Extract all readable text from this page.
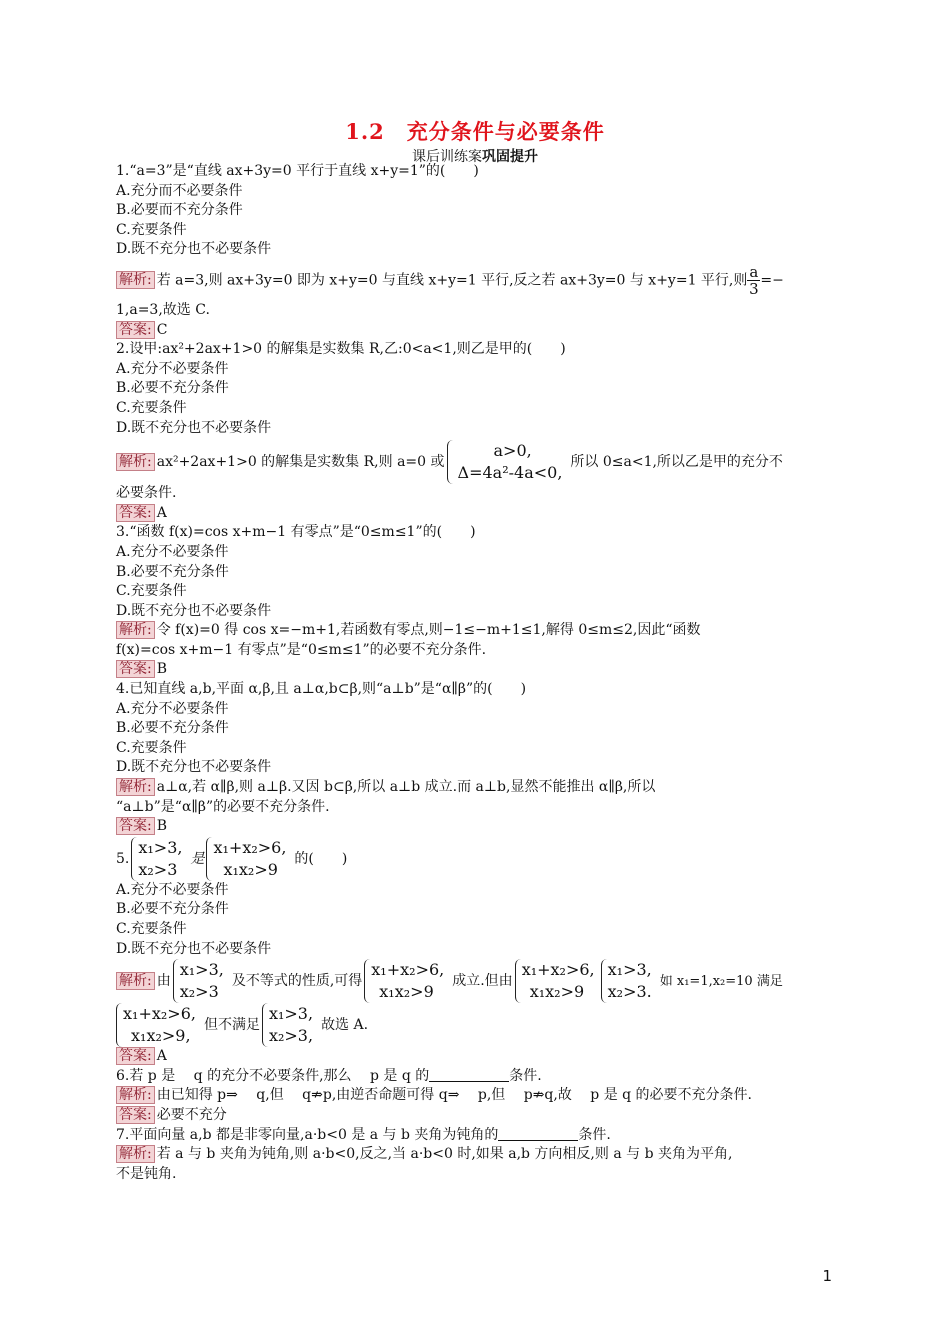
1.2　充分条件与必要条件
课后训练案巩固提升
1.“a=3”是“直线 ax+3y=0 平行于直线 x+y=1”的(　　)
A.充分而不必要条件
B.必要而不充分条件
C.充要条件
D.既不充分也不必要条件
解析: 若 a=3,则 ax+3y=0 即为 x+y=0 与直线 x+y=1 平行,反之若 ax+3y=0 与 x+y=1 平行,则 $\frac{a}{3}$ =−
1,a=3,故选 C.
答案: C
2.设甲:ax²+2ax+1>0 的解集是实数集 R,乙:0<a<1,则乙是甲的(　　)
A.充分不必要条件
B.必要不充分条件
C.充要条件
D.既不充分也不必要条件
解析: ax²+2ax+1>0 的解集是实数集 R,则 a=0 或
a>0,
Δ=4a²-4a<0,
所以 0≤a<1,所以乙是甲的充分不
必要条件.
答案: A
3.“函数 f(x)=cos x+m−1 有零点”是“0≤m≤1”的(　　)
A.充分不必要条件
B.必要不充分条件
C.充要条件
D.既不充分也不必要条件
解析: 令 f(x)=0 得 cos x=−m+1,若函数有零点,则−1≤−m+1≤1,解得 0≤m≤2,因此“函数
f(x)=cos x+m−1 有零点”是“0≤m≤1”的必要不充分条件.
答案: B
4.已知直线 a,b,平面 α,β,且 a⊥α,b⊂β,则“a⊥b”是“α∥β”的(　　)
A.充分不必要条件
B.必要不充分条件
C.充要条件
D.既不充分也不必要条件
解析: a⊥α,若 α∥β,则 a⊥β.又因 b⊂β,所以 a⊥b 成立.而 a⊥b,显然不能推出 α∥β,所以
“a⊥b”是“α∥β”的必要不充分条件.
答案: B
5.
x₁>3,
x₂>3
是
x₁+x₂>6,
x₁x₂>9
的(　　)
A.充分不必要条件
B.必要不充分条件
C.充要条件
D.既不充分也不必要条件
解析: 由
x₁>3,
x₂>3
及不等式的性质,可得
x₁+x₂>6,
x₁x₂>9
成立.但由
x₁+x₂>6,
x₁x₂>9
x₁>3,
x₂>3.
如 x₁=1,x₂=10 满足
x₁+x₂>6,
x₁x₂>9,
但不满足
x₁>3,
x₂>3,
故选 A.
答案: A
6.若 p 是　 q 的充分不必要条件,那么　 p 是 q 的	条件.
解析: 由已知得 p⇒　 q,但　 q⇏p,由逆否命题可得 q⇒　 p,但　 p⇏q,故　 p 是 q 的必要不充分条件.
答案: 必要不充分
7.平面向量 a,b 都是非零向量,a·b<0 是 a 与 b 夹角为钝角的	条件.
解析: 若 a 与 b 夹角为钝角,则 a·b<0,反之,当 a·b<0 时,如果 a,b 方向相反,则 a 与 b 夹角为平角,
不是钝角.
1
